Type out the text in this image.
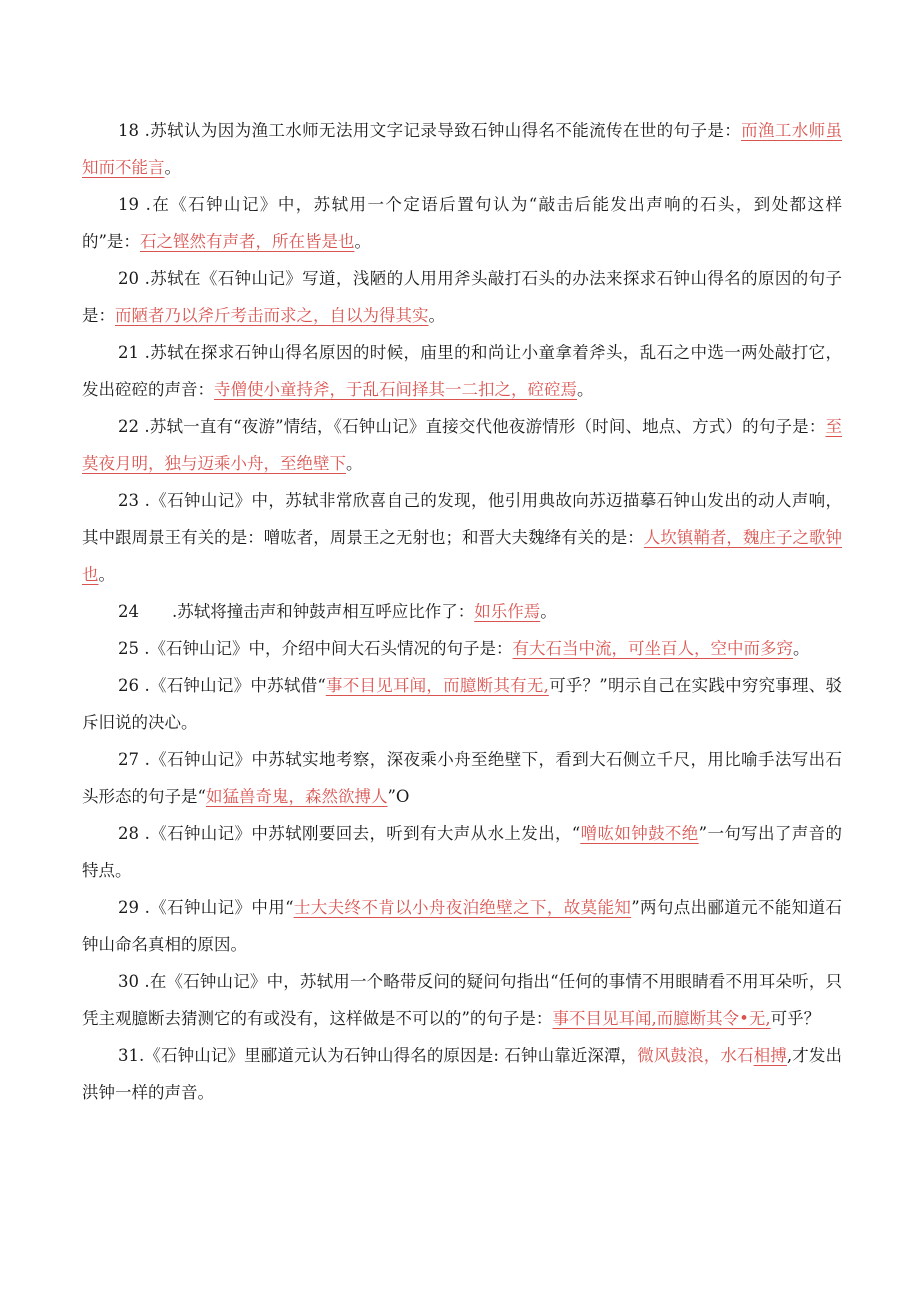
18 .苏轼认为因为渔工水师无法用文字记录导致石钟山得名不能流传在世的句子是：而渔工水师虽知而不能言。

19 .在《石钟山记》中，苏轼用一个定语后置句认为“敲击后能发出声响的石头，到处都这样的”是：石之铿然有声者，所在皆是也。

20 .苏轼在《石钟山记》写道，浅陋的人用用斧头敲打石头的办法来探求石钟山得名的原因的句子是：而陋者乃以斧斤考击而求之，自以为得其实。

21 .苏轼在探求石钟山得名原因的时候，庙里的和尚让小童拿着斧头，乱石之中选一两处敲打它，发出硿硿的声音：寺僧使小童持斧，于乱石间择其一二扣之，硿硿焉。

22 .苏轼一直有“夜游”情结，《石钟山记》直接交代他夜游情形（时间、地点、方式）的句子是：至莫夜月明，独与迈乘小舟，至绝壁下。

23 .《石钟山记》中，苏轼非常欣喜自己的发现，他引用典故向苏迈描摹石钟山发出的动人声响，其中跟周景王有关的是：噌吰者，周景王之无射也；和晋大夫魏绛有关的是：人坎镇鞘者，魏庄子之歌钟也。

24　　.苏轼将撞击声和钟鼓声相互呼应比作了：如乐作焉。

25 .《石钟山记》中，介绍中间大石头情况的句子是：有大石当中流，可坐百人，空中而多窍。

26 .《石钟山记》中苏轼借“事不目见耳闻，而臆断其有无,可乎？”明示自己在实践中穷究事理、驳斥旧说的决心。

27 .《石钟山记》中苏轼实地考察，深夜乘小舟至绝壁下，看到大石侧立千尺，用比喻手法写出石头形态的句子是“如猛兽奇鬼，森然欲搏人”O

28 .《石钟山记》中苏轼刚要回去，听到有大声从水上发出，“噌吰如钟鼓不绝”一句写出了声音的特点。

29 .《石钟山记》中用“士大夫终不肯以小舟夜泊绝壁之下，故莫能知”两句点出郦道元不能知道石钟山命名真相的原因。

30 .在《石钟山记》中，苏轼用一个略带反问的疑问句指出“任何的事情不用眼睛看不用耳朵听，只凭主观臆断去猜测它的有或没有，这样做是不可以的”的句子是：事不目见耳闻,而臆断其令•无,可乎？

31.《石钟山记》里郦道元认为石钟山得名的原因是: 石钟山靠近深潭，微风鼓浪，水石相搏,才发出洪钟一样的声音。
